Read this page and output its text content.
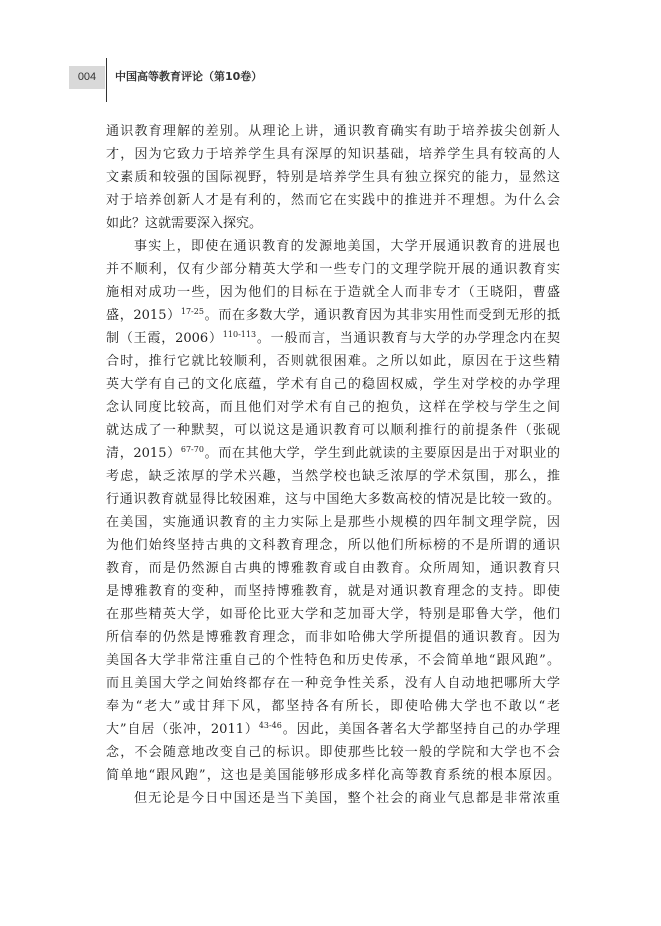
004	中国高等教育评论（第10卷）
通识教育理解的差别。从理论上讲，通识教育确实有助于培养拔尖创新人
才，因为它致力于培养学生具有深厚的知识基础，培养学生具有较高的人
文素质和较强的国际视野，特别是培养学生具有独立探究的能力，显然这
对于培养创新人才是有利的，然而它在实践中的推进并不理想。为什么会
如此？这就需要深入探究。
事实上，即使在通识教育的发源地美国，大学开展通识教育的进展也
并不顺利，仅有少部分精英大学和一些专门的文理学院开展的通识教育实
施相对成功一些，因为他们的目标在于造就全人而非专才（王晓阳，曹盛
盛，2015）$^{17-25}$。而在多数大学，通识教育因为其非实用性而受到无形的抵
制（王霞，2006）$^{110-113}$。一般而言，当通识教育与大学的办学理念内在契
合时，推行它就比较顺利，否则就很困难。之所以如此，原因在于这些精
英大学有自己的文化底蕴，学术有自己的稳固权威，学生对学校的办学理
念认同度比较高，而且他们对学术有自己的抱负，这样在学校与学生之间
就达成了一种默契，可以说这是通识教育可以顺利推行的前提条件（张砚
清，2015）$^{67-70}$。而在其他大学，学生到此就读的主要原因是出于对职业的
考虑，缺乏浓厚的学术兴趣，当然学校也缺乏浓厚的学术氛围，那么，推
行通识教育就显得比较困难，这与中国绝大多数高校的情况是比较一致的。
在美国，实施通识教育的主力实际上是那些小规模的四年制文理学院，因
为他们始终坚持古典的文科教育理念，所以他们所标榜的不是所谓的通识
教育，而是仍然源自古典的博雅教育或自由教育。众所周知，通识教育只
是博雅教育的变种，而坚持博雅教育，就是对通识教育理念的支持。即使
在那些精英大学，如哥伦比亚大学和芝加哥大学，特别是耶鲁大学，他们
所信奉的仍然是博雅教育理念，而非如哈佛大学所提倡的通识教育。因为
美国各大学非常注重自己的个性特色和历史传承，不会简单地“跟风跑”。
而且美国大学之间始终都存在一种竞争性关系，没有人自动地把哪所大学
奉为“老大”或甘拜下风，都坚持各有所长，即使哈佛大学也不敢以“老
大”自居（张冲，2011）$^{43-46}$。因此，美国各著名大学都坚持自己的办学理
念，不会随意地改变自己的标识。即使那些比较一般的学院和大学也不会
简单地“跟风跑”，这也是美国能够形成多样化高等教育系统的根本原因。
但无论是今日中国还是当下美国，整个社会的商业气息都是非常浓重
